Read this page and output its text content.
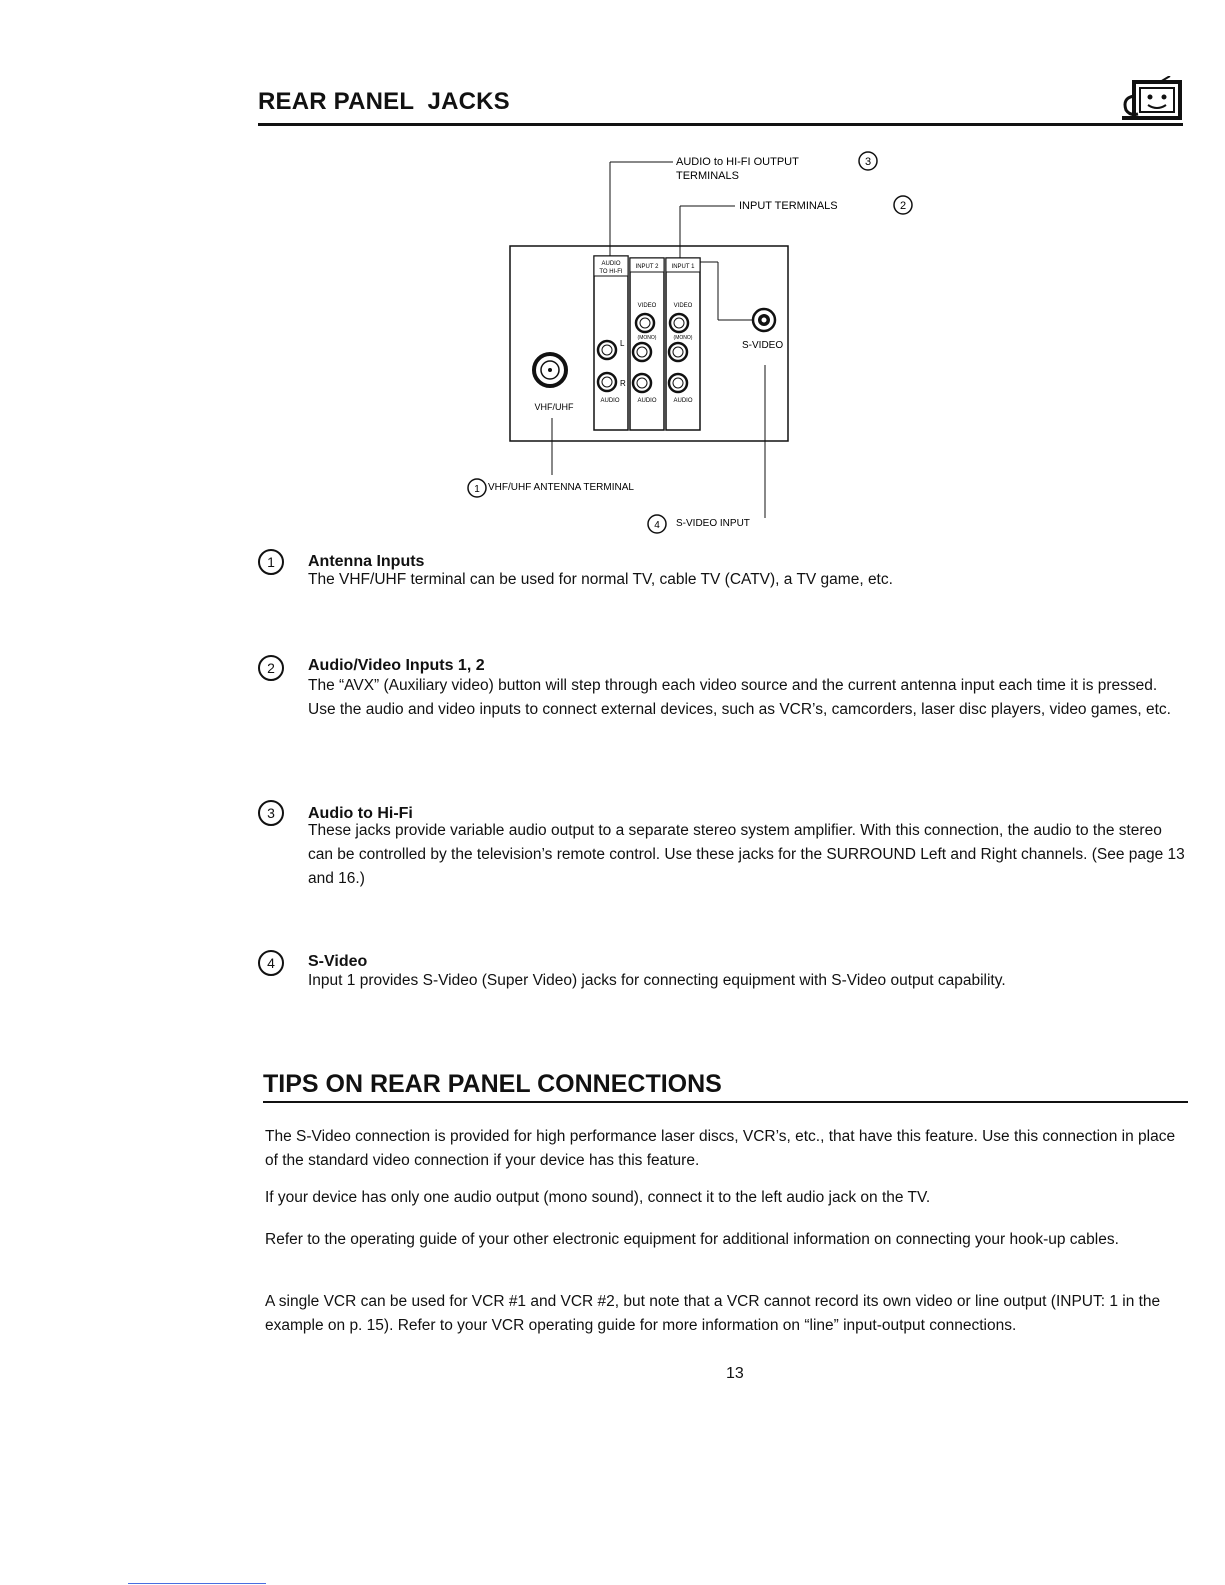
REAR PANEL  JACKS
AUDIO to HI-FI OUTPUT
TERMINALS
3
INPUT TERMINALS	2
AUDIO
TO HI-FI
L
R
AUDIO
INPUT 2
VIDEO
(MONO)
AUDIO
INPUT 1
VIDEO
(MONO)
AUDIO
S-VIDEO
VHF/UHF
1 VHF/UHF ANTENNA TERMINAL
4 S-VIDEO INPUT
1	Antenna Inputs
The VHF/UHF terminal can be used for normal TV, cable TV (CATV), a TV game, etc.
2	Audio/Video Inputs 1, 2
The “AVX” (Auxiliary video) button will step through each video source and the current antenna input each time it is pressed. Use the audio and video inputs to connect external devices, such as VCR’s, camcorders, laser disc players, video games, etc.
3	Audio to Hi-Fi
These jacks provide variable audio output to a separate stereo system amplifier. With this connection, the audio to the stereo can be controlled by the television’s remote control. Use these jacks for the SURROUND Left and Right channels. (See page 13 and 16.)
4	S-Video
Input 1 provides S-Video (Super Video) jacks for connecting equipment with S-Video output capability.
TIPS ON REAR PANEL CONNECTIONS
The S-Video connection is provided for high performance laser discs, VCR’s, etc., that have this feature. Use this connection in place of the standard video connection if your device has this feature.
If your device has only one audio output (mono sound), connect it to the left audio jack on the TV.
Refer to the operating guide of your other electronic equipment for additional information on connecting your hook-up cables.
A single VCR can be used for VCR #1 and VCR #2, but note that a VCR cannot record its own video or line output (INPUT: 1 in the example on p. 15). Refer to your VCR operating guide for more information on “line” input-output connections.
13
